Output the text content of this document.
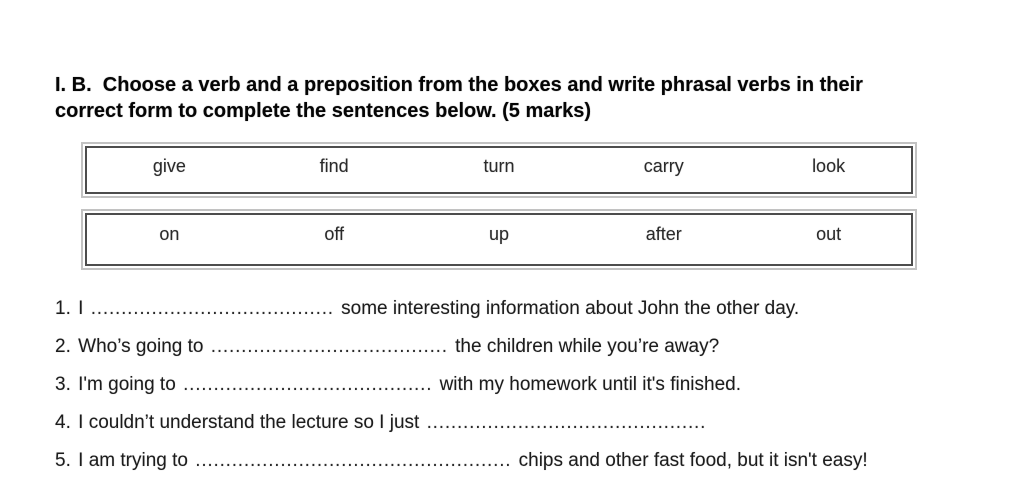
I. B.  Choose a verb and a preposition from the boxes and write phrasal verbs in their
correct form to complete the sentences below. (5 marks)
give	find	turn	carry	look
on	off	up	after	out
1. I ........................................ some interesting information about John the other day.
2. Who’s going to ....................................... the children while you’re away?
3. I'm going to ......................................... with my homework until it's finished.
4. I couldn’t understand the lecture so I just ..............................................
5. I am trying to .................................................... chips and other fast food, but it isn't easy!
